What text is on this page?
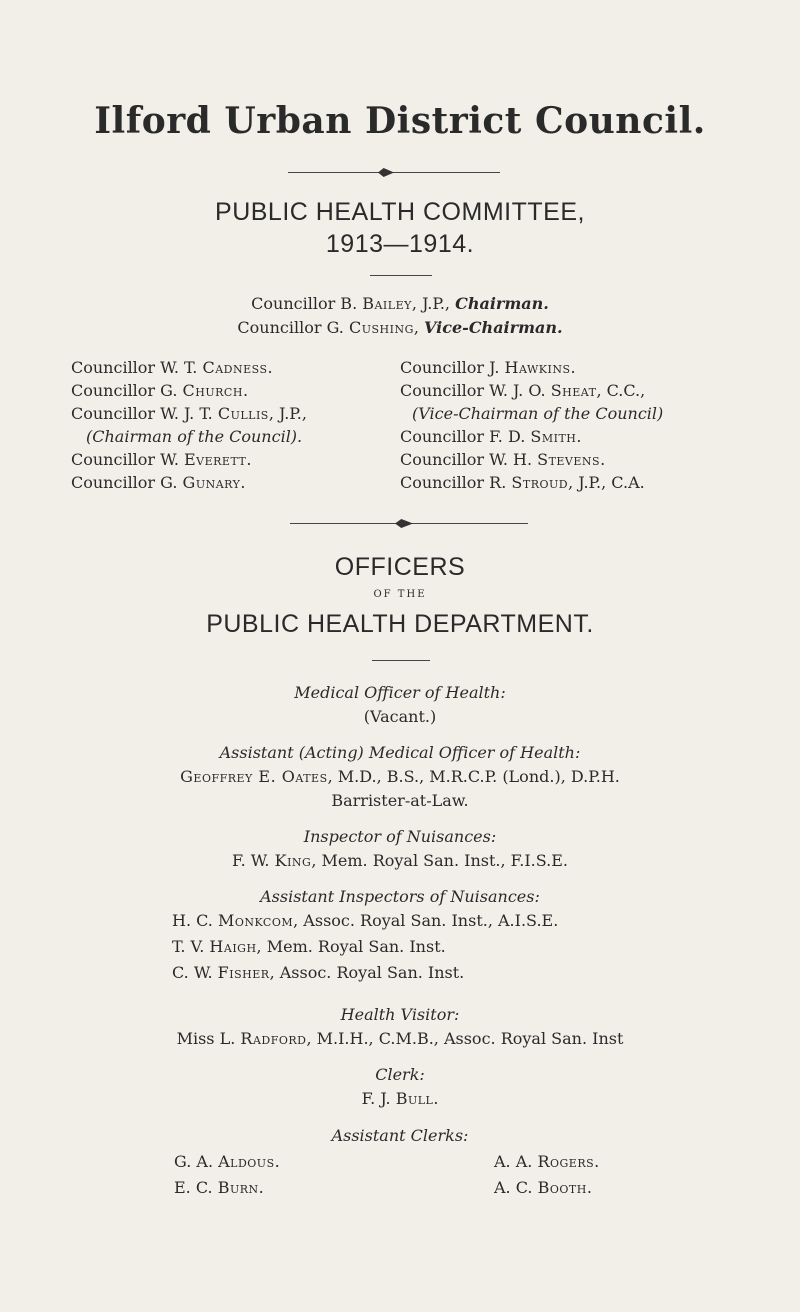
Ilford Urban District Council.
PUBLIC HEALTH COMMITTEE,
1913—1914.
Councillor B. Bailey, J.P., Chairman.
Councillor G. Cushing, Vice-Chairman.
Councillor W. T. Cadness.
Councillor G. Church.
Councillor W. J. T. Cullis, J.P.,
(Chairman of the Council).
Councillor W. Everett.
Councillor G. Gunary.
Councillor J. Hawkins.
Councillor W. J. O. Sheat, C.C.,
(Vice-Chairman of the Council)
Councillor F. D. Smith.
Councillor W. H. Stevens.
Councillor R. Stroud, J.P., C.A.
OFFICERS
OF THE
PUBLIC HEALTH DEPARTMENT.
Medical Officer of Health:
(Vacant.)
Assistant (Acting) Medical Officer of Health:
Geoffrey E. Oates, M.D., B.S., M.R.C.P. (Lond.), D.P.H.
Barrister-at-Law.
Inspector of Nuisances:
F. W. King, Mem. Royal San. Inst., F.I.S.E.
Assistant Inspectors of Nuisances:
H. C. Monkcom, Assoc. Royal San. Inst., A.I.S.E.
T. V. Haigh, Mem. Royal San. Inst.
C. W. Fisher, Assoc. Royal San. Inst.
Health Visitor:
Miss L. Radford, M.I.H., C.M.B., Assoc. Royal San. Inst
Clerk:
F. J. Bull.
Assistant Clerks:
G. A. Aldous.
E. C. Burn.
A. A. Rogers.
A. C. Booth.
